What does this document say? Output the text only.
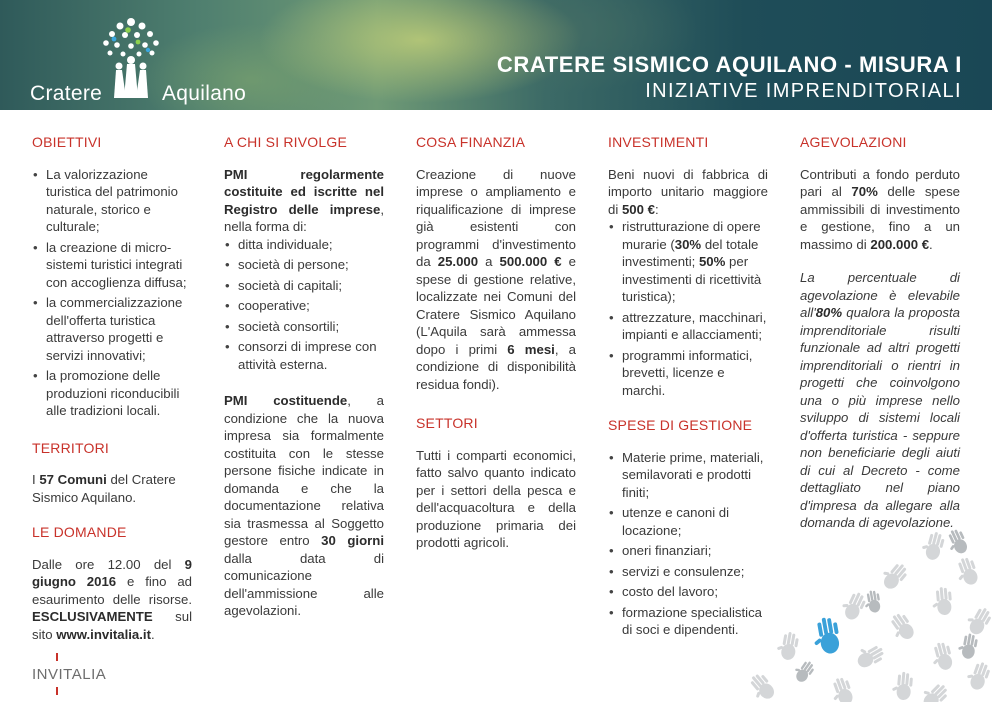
Cratere	Aquilano
CRATERE SISMICO AQUILANO - MISURA I
INIZIATIVE IMPRENDITORIALI
OBIETTIVI
• La valorizzazione turistica del patrimonio naturale, storico e culturale;
• la creazione di micro-sistemi turistici integrati con accoglienza diffusa;
• la commercializzazione dell'offerta turistica attraverso progetti e servizi innovativi;
• la promozione delle produzioni riconducibili alle tradizioni locali.
TERRITORI

I 57 Comuni del Cratere Sismico Aquilano.

LE DOMANDE

Dalle ore 12.00 del 9 giugno 2016 e fino ad esaurimento delle risorse. ESCLUSIVAMENTE sul sito www.invitalia.it.

A CHI SI RIVOLGE

PMI regolarmente costituite ed iscritte nel Registro delle imprese, nella forma di:

• ditta individuale;
• società di persone;
• società di capitali;
• cooperative;
• società consortili;
• consorzi di imprese con attività esterna.

PMI costituende, a condizione che la nuova impresa sia formalmente costituita con le stesse persone fisiche indicate in domanda e che la documentazione relativa sia trasmessa al Soggetto gestore entro 30 giorni dalla data di comunicazione dell'ammissione alle agevolazioni.

COSA FINANZIA

Creazione di nuove imprese o ampliamento e riqualificazione di imprese già esistenti con programmi d'investimento da 25.000 a 500.000 € e spese di gestione relative, localizzate nei Comuni del Cratere Sismico Aquilano (L'Aquila sarà ammessa dopo i primi 6 mesi, a condizione di disponibilità residua fondi).

SETTORI

Tutti i comparti economici, fatto salvo quanto indicato per i settori della pesca e dell'acquacoltura e della produzione primaria dei prodotti agricoli.

INVESTIMENTI

Beni nuovi di fabbrica di importo unitario maggiore di 500 €:

• ristrutturazione di opere murarie (30% del totale investimenti; 50% per investimenti di ricettività turistica);
• attrezzature, macchinari, impianti e allacciamenti;
• programmi informatici, brevetti, licenze e marchi.
SPESE DI GESTIONE
• Materie prime, materiali, semilavorati e prodotti finiti;
• utenze e canoni di locazione;
• oneri finanziari;
• servizi e consulenze;
• costo del lavoro;
• formazione specialistica di soci e dipendenti.
AGEVOLAZIONI

Contributi a fondo perduto pari al 70% delle spese ammissibili di investimento e gestione, fino a un massimo di 200.000 €.

La percentuale di agevolazione è elevabile all'80% qualora la proposta imprenditoriale risulti funzionale ad altri progetti imprenditoriali o rientri in progetti che coinvolgono una o più imprese nello sviluppo di sistemi locali d'offerta turistica - seppure non beneficiarie degli aiuti di cui al Decreto - come dettagliato nel piano d'impresa da allegare alla domanda di agevolazione.

INVITALIA
